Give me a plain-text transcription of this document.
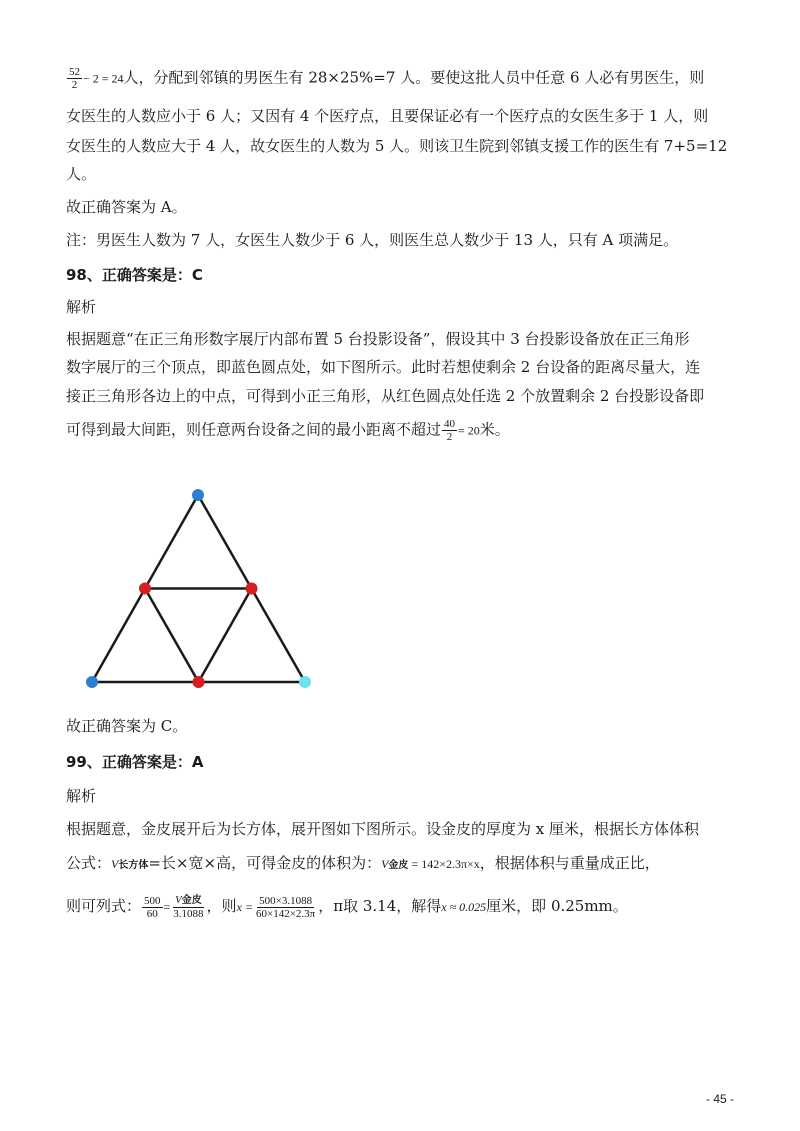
$\frac{52}{2} - 2 = 24$人，分配到邻镇的男医生有 28×25%=7 人。要使这批人员中任意 6 人必有男医生，则
女医生的人数应小于 6 人；又因有 4 个医疗点，且要保证必有一个医疗点的女医生多于 1 人，则
女医生的人数应大于 4 人，故女医生的人数为 5 人。则该卫生院到邻镇支援工作的医生有 7+5=12
人。
故正确答案为 A。
注：男医生人数为 7 人，女医生人数少于 6 人，则医生总人数少于 13 人，只有 A 项满足。
98、正确答案是：C
解析
根据题意“在正三角形数字展厅内部布置 5 台投影设备”，假设其中 3 台投影设备放在正三角形
数字展厅的三个顶点，即蓝色圆点处，如下图所示。此时若想使剩余 2 台设备的距离尽量大，连
接正三角形各边上的中点，可得到小正三角形，从红色圆点处任选 2 个放置剩余 2 台投影设备即
可得到最大间距，则任意两台设备之间的最小距离不超过 $\frac{40}{2} = 20$米。
故正确答案为 C。
99、正确答案是：A
解析
根据题意，金皮展开后为长方体，展开图如下图所示。设金皮的厚度为 x 厘米，根据长方体体积
公式：V长方体=长×宽×高，可得金皮的体积为：V金皮 = 142×2.3π×x，根据体积与重量成正比，
则可列式： $\frac{500}{60} = \frac{\text{V金皮}}{3.1088}$ ，则$x = \frac{500\times 3.1088}{60\times 142\times 2.3\pi}$ ，π取 3.14，解得x ≈ 0.025厘米，即 0.25mm。
- 45 -
